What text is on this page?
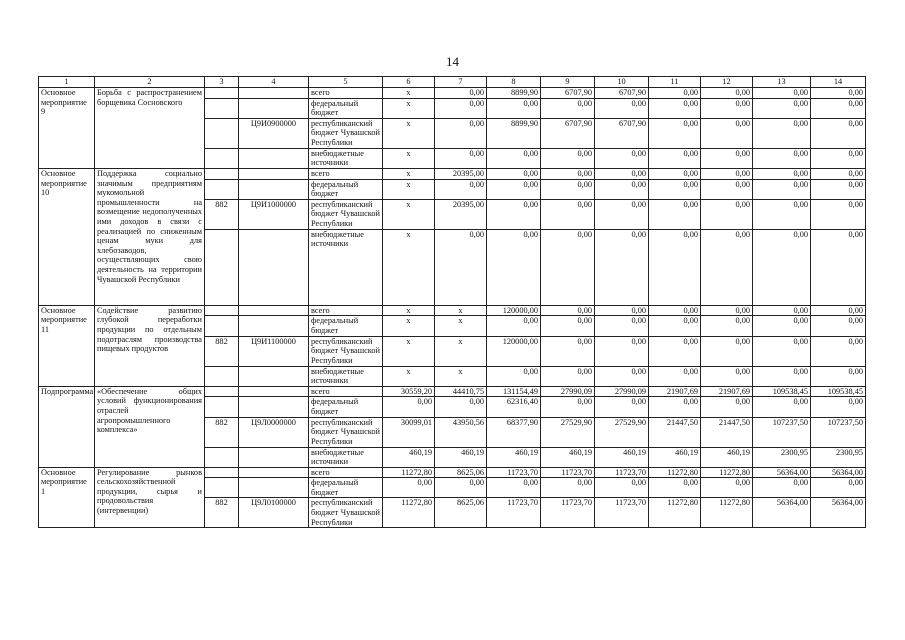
14
1	2	3	4	5	6	7	8	9	10	11	12	13	14
Основное мероприятие 9	Борьба с распространением борщевика Сосновского			всего	x	0,00	8899,90	6707,90	6707,90	0,00	0,00	0,00	0,00
				федеральный бюджет	x	0,00	0,00	0,00	0,00	0,00	0,00	0,00	0,00
			Ц9И0900000	республиканский бюджет Чувашской Республики	x	0,00	8899,90	6707,90	6707,90	0,00	0,00	0,00	0,00
				внебюджетные источники	x	0,00	0,00	0,00	0,00	0,00	0,00	0,00	0,00
Основное мероприятие 10	Поддержка социально значимым предприятиям мукомольной промышленности на возмещение недополученных ими доходов в связи с реализацией по сниженным ценам муки для хлебозаводов, осуществляющих свою деятельность на территории Чувашской Республики			всего	x	20395,00	0,00	0,00	0,00	0,00	0,00	0,00	0,00
				федеральный бюджет	x	0,00	0,00	0,00	0,00	0,00	0,00	0,00	0,00
		882	Ц9И1000000	республиканский бюджет Чувашской Республики	x	20395,00	0,00	0,00	0,00	0,00	0,00	0,00	0,00
				внебюджетные источники	x	0,00	0,00	0,00	0,00	0,00	0,00	0,00	0,00
Основное мероприятие 11	Содействие развитию глубокой переработки продукции по отдельным подотраслям производства пищевых продуктов			всего	x	x	120000,00	0,00	0,00	0,00	0,00	0,00	0,00
				федеральный бюджет	x	x	0,00	0,00	0,00	0,00	0,00	0,00	0,00
		882	Ц9И1100000	республиканский бюджет Чувашской Республики	x	x	120000,00	0,00	0,00	0,00	0,00	0,00	0,00
				внебюджетные источники	x	x	0,00	0,00	0,00	0,00	0,00	0,00	0,00
Подпрограмма	«Обеспечение общих условий функционирования отраслей агропромышленного комплекса»			всего	30559,20	44410,75	131154,49	27990,09	27990,09	21907,69	21907,69	109538,45	109538,45
				федеральный бюджет	0,00	0,00	62316,40	0,00	0,00	0,00	0,00	0,00	0,00
		882	Ц9Л0000000	республиканский бюджет Чувашской Республики	30099,01	43950,56	68377,90	27529,90	27529,90	21447,50	21447,50	107237,50	107237,50
				внебюджетные источники	460,19	460,19	460,19	460,19	460,19	460,19	460,19	2300,95	2300,95
Основное мероприятие 1	Регулирование рынков сельскохозяйственной продукции, сырья и продовольствия (интервенции)			всего	11272,80	8625,06	11723,70	11723,70	11723,70	11272,80	11272,80	56364,00	56364,00
				федеральный бюджет	0,00	0,00	0,00	0,00	0,00	0,00	0,00	0,00	0,00
		882	Ц9Л0100000	республиканский бюджет Чувашской Республики	11272,80	8625,06	11723,70	11723,70	11723,70	11272,80	11272,80	56364,00	56364,00
